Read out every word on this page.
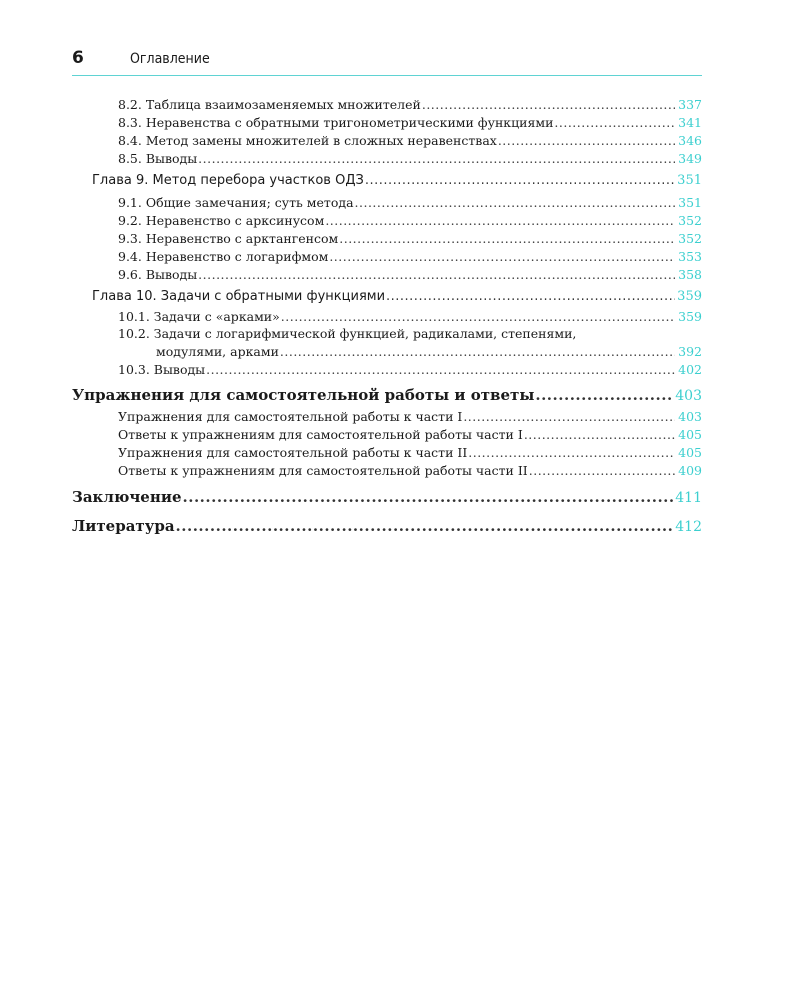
6	Оглавление
8.2. Таблица взаимозаменяемых множителей .....	337
8.3. Неравенства с обратными тригонометрическими функциями .....	341
8.4. Метод замены множителей в сложных неравенствах .....	346
8.5. Выводы .....	349
Глава 9. Метод перебора участков ОДЗ .....	351
9.1. Общие замечания; суть метода .....	351
9.2. Неравенство с арксинусом .....	352
9.3. Неравенство с арктангенсом .....	352
9.4. Неравенство с логарифмом .....	353
9.6. Выводы .....	358
Глава 10. Задачи с обратными функциями .....	359
10.1. Задачи с «арками» .....	359
10.2. Задачи с логарифмической функцией, радикалами, степенями,
модулями, арками .....	392
10.3. Выводы .....	402
Упражнения для самостоятельной работы и ответы .....	403
Упражнения для самостоятельной работы к части I .....	403
Ответы к упражнениям для самостоятельной работы части I .....	405
Упражнения для самостоятельной работы к части II .....	405
Ответы к упражнениям для самостоятельной работы части II .....	409
Заключение .....	411
Литература .....	412
